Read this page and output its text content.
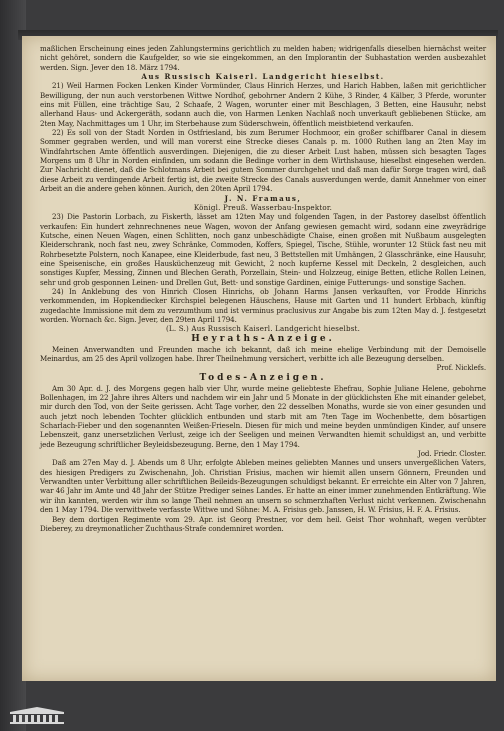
maßlichen Erscheinung eines jeden Zahlungstermins gerichtlich zu melden haben; widrigenfalls dieselben hiernächst weiter nicht gehöret, sondern die Kaufgelder, so wie sie eingekommen, an den Implorantin der Subhastation werden ausbezahlet werden. Sign. Jever den 18. März 1794.

Aus Russisch Kaiserl. Landgericht hieselbst.

21) Weil Harmen Focken Lenken Kinder Vormünder, Claus Hinrich Herzes, und Harich Habben, laßen mit gerichtlicher Bewilligung, der nun auch verstorbenen Wittwe Nordhof, gebohrner Andern 2 Kühe, 3 Rinder, 4 Kälber, 3 Pferde, worunter eins mit Füllen, eine trächtige Sau, 2 Schaafe, 2 Wagen, worunter einer mit Beschlagen, 3 Betten, eine Hausuhr, nebst allerhand Haus- und Ackergeräth, sodann auch die, von Harmen Lenken Nachlaß noch unverkauft gebliebenen Stücke, am 2ten May, Nachmittages um 1 Uhr, im Sterbehause zum Süderschwein, öffentlich meistbietend verkaufen.

22) Es soll von der Stadt Norden in Ostfriesland, bis zum Berumer Hochmoor, ein großer schiffbarer Canal in diesem Sommer gegraben werden, und will man vorerst eine Strecke dieses Canals p. m. 1000 Ruthen lang an 2ten May im Windfahrtschen Amte öffentlich ausverdingen. Diejenigen, die zu dieser Arbeit Lust haben, müssen sich besagten Tages Morgens um 8 Uhr in Norden einfinden, um sodann die Bedinge vorher in dem Wirthshause, hieselbst eingesehen werden. Zur Nachricht dienet, daß die Schlotmans Arbeit bei gutem Sommer durchgehet und daß man dafür Sorge tragen wird, daß diese Arbeit zu verdingende Arbeit fertig ist, die zweite Strecke des Canals ausverdungen werde, damit Annehmer von einer Arbeit an die andere gehen können. Aurich, den 20ten April 1794.

J. N. Framaus,

Königl. Preuß. Wasserbau-Inspektor.

23) Die Pastorin Lorbach, zu Fiskerth, lässet am 12ten May und folgenden Tagen, in der Pastorey daselbst öffentlich verkaufen: Ein hundert zehnrechnenes neue Wagen, wovon der Anfang gewiesen gemacht wird, sodann eine zweyrädrige Kutsche, einen Neuen Wagen, einen Schlitten, noch ganz unbeschädigte Chaise, einen großen mit Nußbaum ausgelegten Kleiderschrank, noch fast neu, zwey Schränke, Commoden, Koffers, Spiegel, Tische, Stühle, worunter 12 Stück fast neu mit Rohrbesetzte Polstern, noch Kanapee, eine Kleiderbude, fast neu, 3 Bettstellen mit Umhängen, 2 Glasschränke, eine Hausuhr, eine Speisenische, ein großes Hausküchenzeug mit Gewicht, 2 noch kupferne Kessel mit Deckeln, 2 desgleichen, auch sonstiges Kupfer, Messing, Zinnen und Blechen Gerath, Porzellain, Stein- und Holzzeug, einige Betten, etliche Rollen Leinen, sehr und grob gesponnen Leinen- und Drellen Gut, Bett- und sonstige Gardinen, einige Futterungs- und sonstige Sachen.

24) In Anklebung des von Hinrich Closen Hinrichs, ob Johann Harms Jansen verkauften, vor Frodde Hinrichs verkommenden, im Hopkendiecker Kirchspiel belegenen Häuschens, Hause mit Garten und 11 hundert Erbbach, künftig zugedachte Immissione mit dem zu verzumthum und ist verminus praclusivus zur Angabe bis zum 12ten May d. J. festgesetzt worden. Wornach &c. Sign. Jever, den 29ten April 1794.

(L. S.) Aus Russisch Kaiserl. Landgericht hieselbst.

Heyraths-Anzeige.

Meinen Anverwandten und Freunden mache ich bekannt, daß ich meine ehelige Verbindung mit der Demoiselle Meinardus, am 25 des April vollzogen habe. Ihrer Theilnehmung versichert, verbitte ich alle Bezeugung derselben.

Prof. Nicklefs.

Todes-Anzeigen.

Am 30 Apr. d. J. des Morgens gegen halb vier Uhr, wurde meine geliebteste Ehefrau, Sophie Juliane Helene, gebohrne Bollenhagen, im 22 Jahre ihres Alters und nachdem wir ein Jahr und 5 Monate in der glücklichsten Ehe mit einander gelebet, mir durch den Tod, von der Seite gerissen. Acht Tage vorher, den 22 desselben Monaths, wurde sie von einer gesunden und auch jetzt noch lebenden Tochter glücklich entbunden und starb mit am 7ten Tage im Wochenbette, dem bösartigen Scharlach-Fieber und den sogenannten Weißen-Frieseln. Diesen für mich und meine beyden unmündigen Kinder, auf unsere Lebenszeit, ganz unersetzlichen Verlust, zeige ich der Seeligen und meinen Verwandten hiemit schuldigst an, und verbitte jede Bezeugung schriftlicher Beyleidsbezeugung. Berne, den 1 May 1794.

Jod. Friedr. Closter.

Daß am 27en May d. J. Abends um 8 Uhr, erfolgte Ableben meines geliebten Mannes und unsers unvergeßlichen Vaters, des hiesigen Predigers zu Zwischenahn, Joh. Christian Frisius, machen wir hiemit allen unsern Gönnern, Freunden und Verwandten unter Verbittung aller schriftlichen Beileids-Bezeugungen schuldigst bekannt. Er erreichte ein Alter von 7 Jahren, war 46 Jahr im Amte und 48 Jahr der Stütze Prediger seines Landes. Er hatte an einer immer zunehmenden Entkräftung. Wie wir ihn kannten, werden wir ihm so lange Theil nehmen an unsern so schmerzhaften Verlust nicht verkennen. Zwischenahn den 1 May 1794. Die verwittwete verfasste Wittwe und Söhne: M. A. Frisius geb. Janssen, H. W. Frisius, H. F. A. Frisius.

Bey dem dortigen Regimente vom 29. Apr. ist Georg Prestner, vor dem heil. Geist Thor wohnhaft, wegen verübter Dieberey, zu dreymonatlicher Zuchthaus-Strafe condemniret worden.
